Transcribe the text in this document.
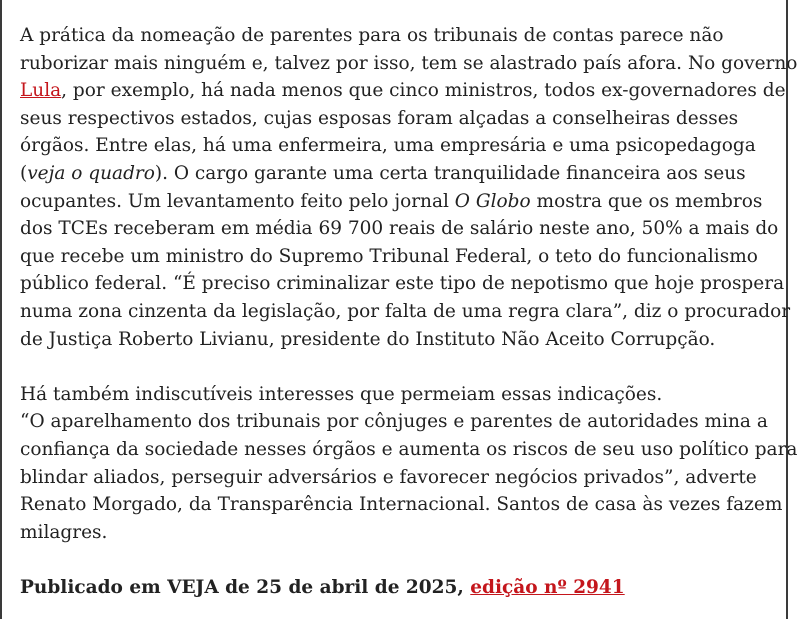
A prática da nomeação de parentes para os tribunais de contas parece não

ruborizar mais ninguém e, talvez por isso, tem se alastrado país afora. No governo

Lula, por exemplo, há nada menos que cinco ministros, todos ex-governadores de

seus respectivos estados, cujas esposas foram alçadas a conselheiras desses

órgãos. Entre elas, há uma enfermeira, uma empresária e uma psicopedagoga

(veja o quadro). O cargo garante uma certa tranquilidade financeira aos seus

ocupantes. Um levantamento feito pelo jornal O Globo mostra que os membros

dos TCEs receberam em média 69 700 reais de salário neste ano, 50% a mais do

que recebe um ministro do Supremo Tribunal Federal, o teto do funcionalismo

público federal. “É preciso criminalizar este tipo de nepotismo que hoje prospera

numa zona cinzenta da legislação, por falta de uma regra clara”, diz o procurador

de Justiça Roberto Livianu, presidente do Instituto Não Aceito Corrupção.

Há também indiscutíveis interesses que permeiam essas indicações.

“O aparelhamento dos tribunais por cônjuges e parentes de autoridades mina a

confiança da sociedade nesses órgãos e aumenta os riscos de seu uso político para

blindar aliados, perseguir adversários e favorecer negócios privados”, adverte

Renato Morgado, da Transparência Internacional. Santos de casa às vezes fazem

milagres.

Publicado em VEJA de 25 de abril de 2025, edição nº 2941
